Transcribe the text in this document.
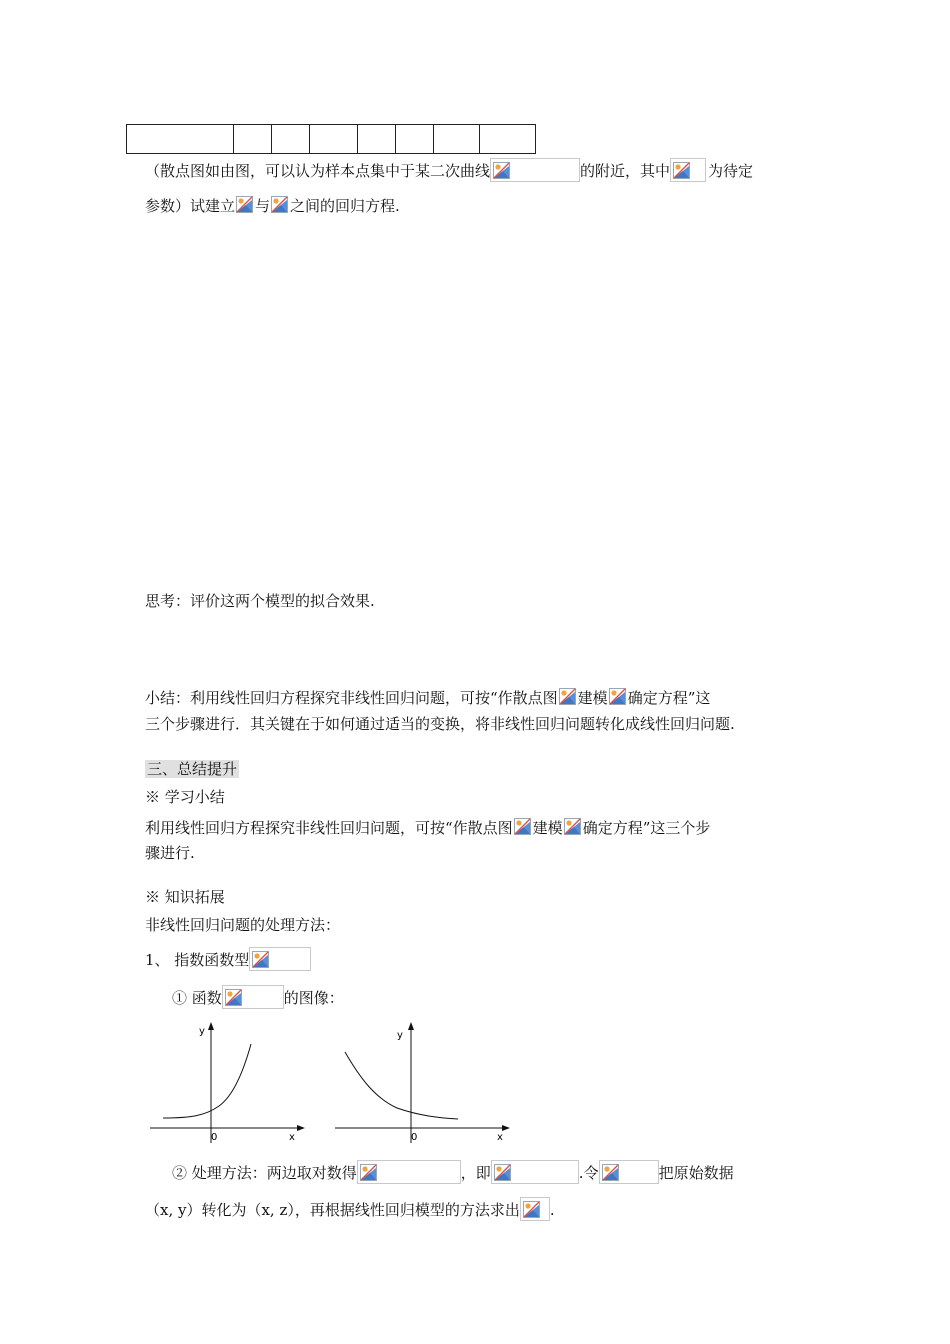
（散点图如由图，可以认为样本点集中于某二次曲线	的附近，其中	为待定
参数）试建立 与 之间的回归方程.
思考：评价这两个模型的拟合效果.
小结：利用线性回归方程探究非线性回归问题，可按“作散点图 建模 确定方程”这
三个步骤进行．其关键在于如何通过适当的变换，将非线性回归问题转化成线性回归问题.
三、总结提升
※ 学习小结
利用线性回归方程探究非线性回归问题，可按“作散点图 建模 确定方程”这三个步
骤进行.
※ 知识拓展
非线性回归问题的处理方法：
1、 指数函数型
① 函数	的图像：
y
x
0
y
x
0
② 处理方法：两边取对数得	，即	.令	把原始数据
（x, y）转化为（x, z），再根据线性回归模型的方法求出 .
